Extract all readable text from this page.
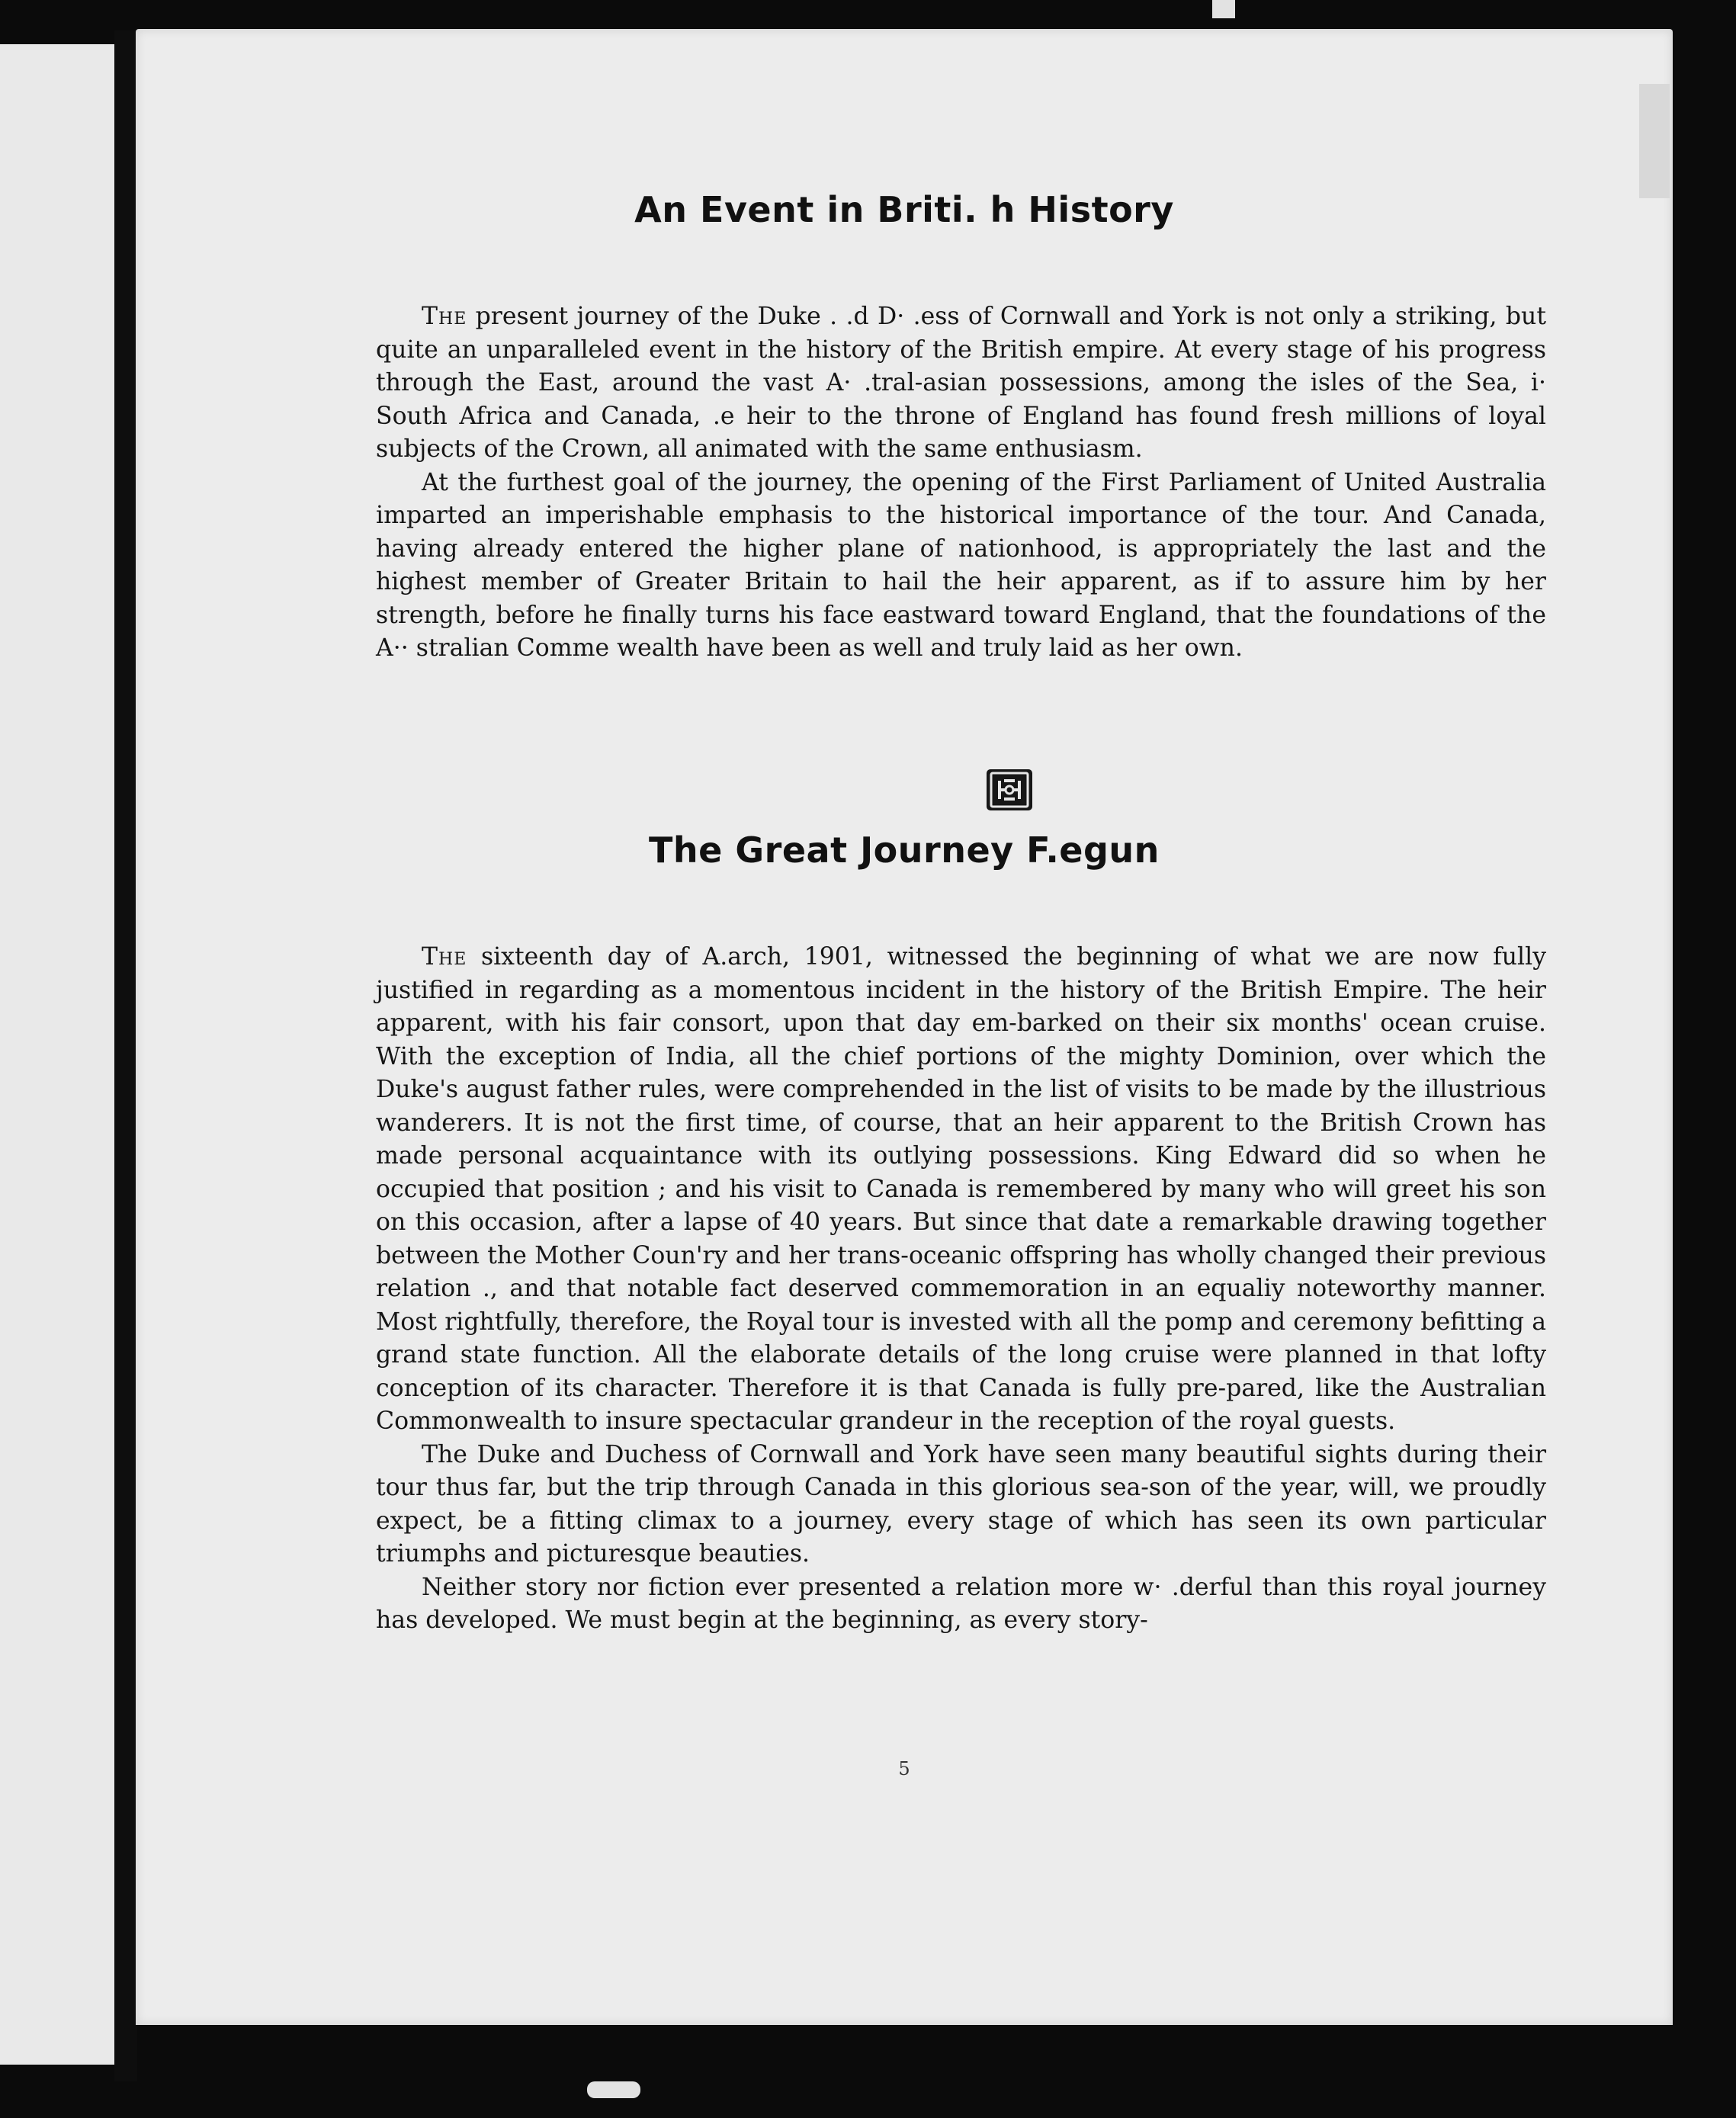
An Event in Briti. h History

The present journey of the Duke . .d D· .ess of Cornwall and York is not only a striking, but quite an unparalleled event in the history of the British empire. At every stage of his progress through the East, around the vast A· .tral-asian possessions, among the isles of the Sea, i· South Africa and Canada, .e heir to the throne of England has found fresh millions of loyal subjects of the Crown, all animated with the same enthusiasm.

At the furthest goal of the journey, the opening of the First Parliament of United Australia imparted an imperishable emphasis to the historical importance of the tour. And Canada, having already entered the higher plane of nationhood, is appropriately the last and the highest member of Greater Britain to hail the heir apparent, as if to assure him by her strength, before he finally turns his face eastward toward England, that the foundations of the A·· stralian Comme wealth have been as well and truly laid as her own.

The Great Journey F.egun

The sixteenth day of A.arch, 1901, witnessed the beginning of what we are now fully justified in regarding as a momentous incident in the history of the British Empire. The heir apparent, with his fair consort, upon that day em-barked on their six months' ocean cruise. With the exception of India, all the chief portions of the mighty Dominion, over which the Duke's august father rules, were comprehended in the list of visits to be made by the illustrious wanderers. It is not the first time, of course, that an heir apparent to the British Crown has made personal acquaintance with its outlying possessions. King Edward did so when he occupied that position ; and his visit to Canada is remembered by many who will greet his son on this occasion, after a lapse of 40 years. But since that date a remarkable drawing together between the Mother Coun'ry and her trans-oceanic offspring has wholly changed their previous relation ., and that notable fact deserved commemoration in an equaliy noteworthy manner. Most rightfully, therefore, the Royal tour is invested with all the pomp and ceremony befitting a grand state function. All the elaborate details of the long cruise were planned in that lofty conception of its character. Therefore it is that Canada is fully pre-pared, like the Australian Commonwealth to insure spectacular grandeur in the reception of the royal guests.

The Duke and Duchess of Cornwall and York have seen many beautiful sights during their tour thus far, but the trip through Canada in this glorious sea-son of the year, will, we proudly expect, be a fitting climax to a journey, every stage of which has seen its own particular triumphs and picturesque beauties.

Neither story nor fiction ever presented a relation more w· .derful than this royal journey has developed. We must begin at the beginning, as every story-

5
